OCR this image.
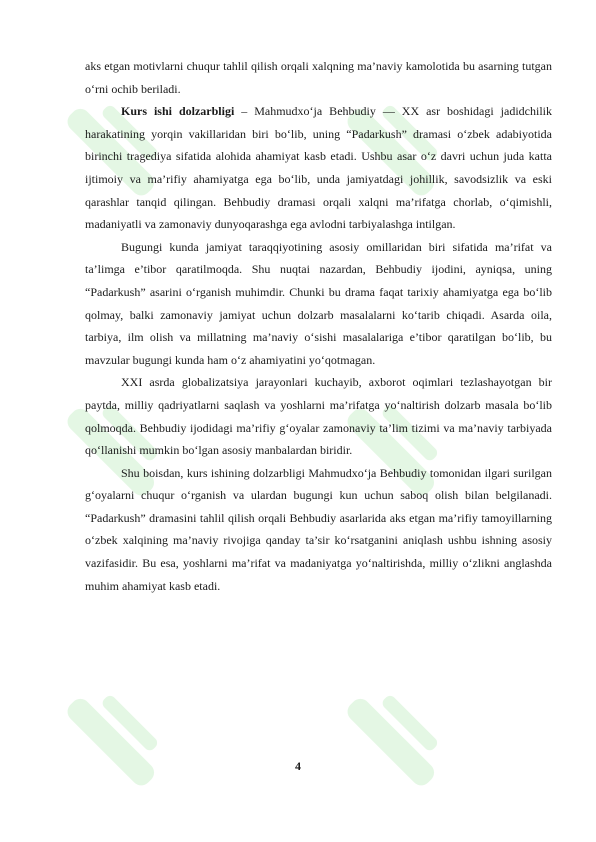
aks etgan motivlarni chuqur tahlil qilish orqali xalqning ma’naviy kamolotida bu asarning tutgan o‘rni ochib beriladi.

Kurs ishi dolzarbligi – Mahmudxo‘ja Behbudiy — XX asr boshidagi jadidchilik harakatining yorqin vakillaridan biri bo‘lib, uning “Padarkush” dramasi o‘zbek adabiyotida birinchi tragediya sifatida alohida ahamiyat kasb etadi. Ushbu asar o‘z davri uchun juda katta ijtimoiy va ma’rifiy ahamiyatga ega bo‘lib, unda jamiyatdagi johillik, savodsizlik va eski qarashlar tanqid qilingan. Behbudiy dramasi orqali xalqni ma’rifatga chorlab, o‘qimishli, madaniyatli va zamonaviy dunyoqarashga ega avlodni tarbiyalashga intilgan.

Bugungi kunda jamiyat taraqqiyotining asosiy omillaridan biri sifatida ma’rifat va ta’limga e’tibor qaratilmoqda. Shu nuqtai nazardan, Behbudiy ijodini, ayniqsa, uning “Padarkush” asarini o‘rganish muhimdir. Chunki bu drama faqat tarixiy ahamiyatga ega bo‘lib qolmay, balki zamonaviy jamiyat uchun dolzarb masalalarni ko‘tarib chiqadi. Asarda oila, tarbiya, ilm olish va millatning ma’naviy o‘sishi masalalariga e’tibor qaratilgan bo‘lib, bu mavzular bugungi kunda ham o‘z ahamiyatini yo‘qotmagan.

XXI asrda globalizatsiya jarayonlari kuchayib, axborot oqimlari tezlashayotgan bir paytda, milliy qadriyatlarni saqlash va yoshlarni ma’rifatga yo‘naltirish dolzarb masala bo‘lib qolmoqda. Behbudiy ijodidagi ma’rifiy g‘oyalar zamonaviy ta’lim tizimi va ma’naviy tarbiyada qo‘llanishi mumkin bo‘lgan asosiy manbalardan biridir.

Shu boisdan, kurs ishining dolzarbligi Mahmudxo‘ja Behbudiy tomonidan ilgari surilgan g‘oyalarni chuqur o‘rganish va ulardan bugungi kun uchun saboq olish bilan belgilanadi. “Padarkush” dramasini tahlil qilish orqali Behbudiy asarlarida aks etgan ma’rifiy tamoyillarning o‘zbek xalqining ma’naviy rivojiga qanday ta’sir ko‘rsatganini aniqlash ushbu ishning asosiy vazifasidir. Bu esa, yoshlarni ma’rifat va madaniyatga yo‘naltirishda, milliy o‘zlikni anglashda muhim ahamiyat kasb etadi.

4
